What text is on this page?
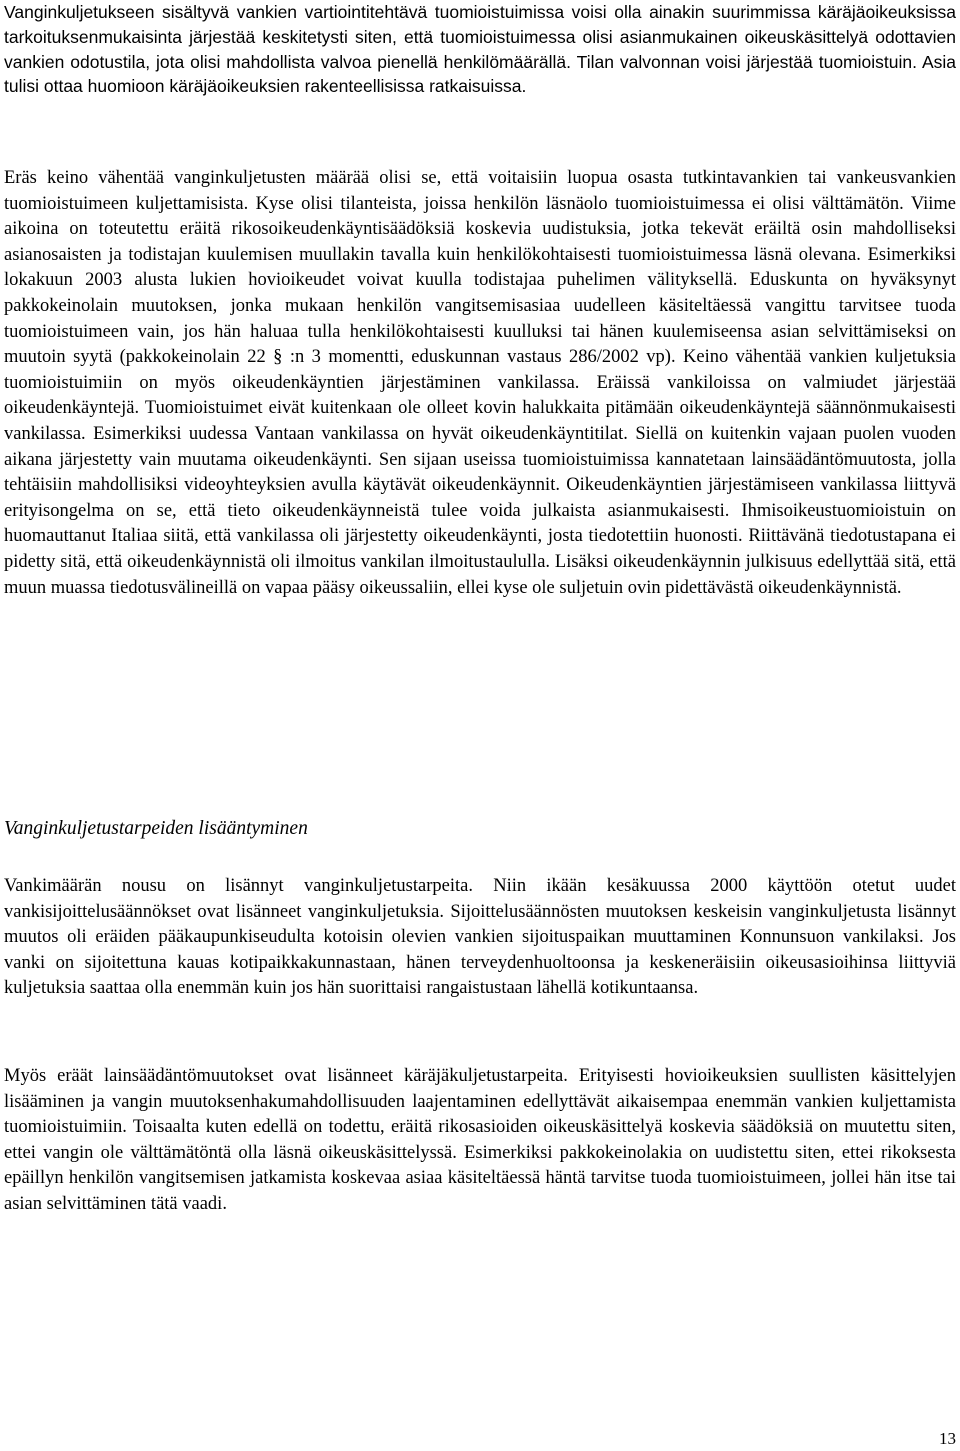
Vanginkuljetukseen sisältyvä vankien vartiointitehtävä tuomioistuimissa voisi olla ainakin suurimmissa käräjäoikeuksissa tarkoituksenmukaisinta järjestää keskitetysti siten, että tuomioistuimessa olisi asianmukainen oikeuskäsittelyä odottavien vankien odotustila, jota olisi mahdollista valvoa pienellä henkilömäärällä. Tilan valvonnan voisi järjestää tuomioistuin. Asia tulisi ottaa huomioon käräjäoikeuksien rakenteellisissa ratkaisuissa.

Eräs keino vähentää vanginkuljetusten määrää olisi se, että voitaisiin luopua osasta tutkintavankien tai vankeusvankien tuomioistuimeen kuljettamisista. Kyse olisi tilanteista, joissa henkilön läsnäolo tuomioistuimessa ei olisi välttämätön. Viime aikoina on toteutettu eräitä rikosoikeudenkäyntisäädöksiä koskevia uudistuksia, jotka tekevät eräiltä osin mahdolliseksi asianosaisten ja todistajan kuulemisen muullakin tavalla kuin henkilökohtaisesti tuomioistuimessa läsnä olevana. Esimerkiksi lokakuun 2003 alusta lukien hovioikeudet voivat kuulla todistajaa puhelimen välityksellä. Eduskunta on hyväksynyt pakkokeinolain muutoksen, jonka mukaan henkilön vangitsemisasiaa uudelleen käsiteltäessä vangittu tarvitsee tuoda tuomioistuimeen vain, jos hän haluaa tulla henkilökohtaisesti kuulluksi tai hänen kuulemiseensa asian selvittämiseksi on muutoin syytä (pakkokeinolain 22 § :n 3 momentti, eduskunnan vastaus 286/2002 vp). Keino vähentää vankien kuljetuksia tuomioistuimiin on myös oikeudenkäyntien järjestäminen vankilassa. Eräissä vankiloissa on valmiudet järjestää oikeudenkäyntejä. Tuomioistuimet eivät kuitenkaan ole olleet kovin halukkaita pitämään oikeudenkäyntejä säännönmukaisesti vankilassa. Esimerkiksi uudessa Vantaan vankilassa on hyvät oikeudenkäyntitilat. Siellä on kuitenkin vajaan puolen vuoden aikana järjestetty vain muutama oikeudenkäynti. Sen sijaan useissa tuomioistuimissa kannatetaan lainsäädäntömuutosta, jolla tehtäisiin mahdollisiksi videoyhteyksien avulla käytävät oikeudenkäynnit. Oikeudenkäyntien järjestämiseen vankilassa liittyvä erityisongelma on se, että tieto oikeudenkäynneistä tulee voida julkaista asianmukaisesti. Ihmisoikeustuomioistuin on huomauttanut Italiaa siitä, että vankilassa oli järjestetty oikeudenkäynti, josta tiedotettiin huonosti. Riittävänä tiedotustapana ei pidetty sitä, että oikeudenkäynnistä oli ilmoitus vankilan ilmoitustaululla. Lisäksi oikeudenkäynnin julkisuus edellyttää sitä, että muun muassa tiedotusvälineillä on vapaa pääsy oikeussaliin, ellei kyse ole suljetuin ovin pidettävästä oikeudenkäynnistä.

Vanginkuljetustarpeiden lisääntyminen

Vankimäärän nousu on lisännyt vanginkuljetustarpeita. Niin ikään kesäkuussa 2000 käyttöön otetut uudet vankisijoittelusäännökset ovat lisänneet vanginkuljetuksia. Sijoittelusäännösten muutoksen keskeisin vanginkuljetusta lisännyt muutos oli eräiden pääkaupunkiseudulta kotoisin olevien vankien sijoituspaikan muuttaminen Konnunsuon vankilaksi. Jos vanki on sijoitettuna kauas kotipaikkakunnastaan, hänen terveydenhuoltoonsa ja keskeneräisiin oikeusasioihinsa liittyviä kuljetuksia saattaa olla enemmän kuin jos hän suorittaisi rangaistustaan lähellä kotikuntaansa.

Myös eräät lainsäädäntömuutokset ovat lisänneet käräjäkuljetustarpeita. Erityisesti hovioikeuksien suullisten käsittelyjen lisääminen ja vangin muutoksenhakumahdollisuuden laajentaminen edellyttävät aikaisempaa enemmän vankien kuljettamista tuomioistuimiin. Toisaalta kuten edellä on todettu, eräitä rikosasioiden oikeuskäsittelyä koskevia säädöksiä on muutettu siten, ettei vangin ole välttämätöntä olla läsnä oikeuskäsittelyssä. Esimerkiksi pakkokeinolakia on uudistettu siten, ettei rikoksesta epäillyn henkilön vangitsemisen jatkamista koskevaa asiaa käsiteltäessä häntä tarvitse tuoda tuomioistuimeen, jollei hän itse tai asian selvittäminen tätä vaadi.

13
